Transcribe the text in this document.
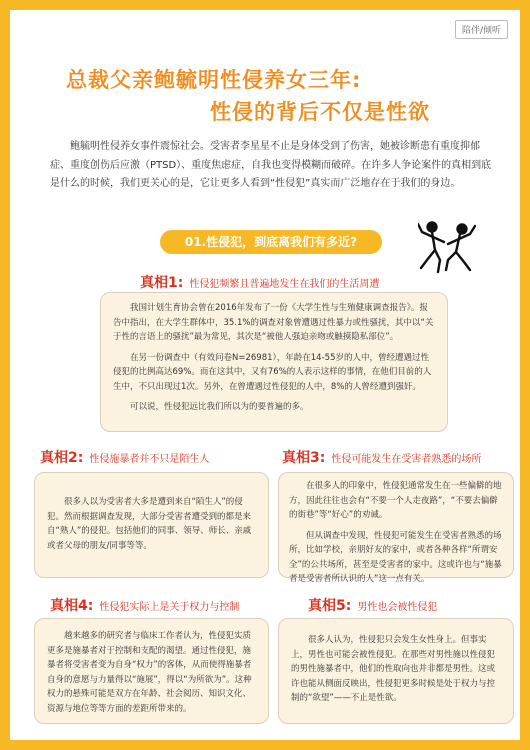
陪伴/倾听
总裁父亲鲍毓明性侵养女三年:
性侵的背后不仅是性欲

鲍毓明性侵养女事件震惊社会。受害者李星星不止是身体受到了伤害，她被诊断患有重度抑郁症、重度创伤后应激（PTSD）、重度焦虑症，自我也变得模糊而破碎。在许多人争论案件的真相到底是什么的时候，我们更关心的是，它让更多人看到“性侵犯”真实而广泛地存在于我们的身边。

01.性侵犯，到底离我们有多近?
真相1: 性侵犯频繁且普遍地发生在我们的生活周遭

我国计划生育协会曾在2016年发布了一份《大学生性与生殖健康调查报告》。报告中指出，在大学生群体中，35.1%的调查对象曾遭遇过性暴力或性骚扰，其中以“关于性的言语上的骚扰”最为常见，其次是“被他人强迫亲吻或触摸隐私部位”。

在另一份调查中（有效问卷N=26981），年龄在14-55岁的人中，曾经遭遇过性侵犯的比例高达69%。而在这其中，又有76%的人表示这样的事情，在他们目前的人生中，不只出现过1次。另外，在曾遭遇过性侵犯的人中，8%的人曾经遭到强奸。

可以说，性侵犯远比我们所以为的要普遍的多。

真相2: 性侵施暴者并不只是陌生人

很多人以为受害者大多是遭到来自“陌生人”的侵犯。然而根据调查发现，大部分受害者遭受到的都是来自“熟人”的侵犯。包括他们的同事、领导、师长、亲戚或者父母的朋友/同事等等。

真相3: 性侵可能发生在受害者熟悉的场所

在很多人的印象中，性侵犯通常发生在一些偏僻的地方，因此往往也会有“不要一个人走夜路”，“不要去偏僻的街巷”等“好心”的劝诫。

但从调查中发现，性侵犯可能发生在受害者熟悉的场所，比如学校，亲朋好友的家中，或者各种各样“所谓安全”的公共场所，甚至是受害者的家中。这或许也与“施暴者是受害者所认识的人”这一点有关。

真相4: 性侵犯实际上是关于权力与控制

越来越多的研究者与临床工作者认为，性侵犯实质更多是施暴者对于控制和支配的渴望。通过性侵犯，施暴者将受害者变为自身“权力”的客体，从而使得施暴者自身的意愿与力量得以“施展”，得以“为所欲为”。这种权力的悬殊可能是双方在年龄、社会阅历、知识文化、资源与地位等等方面的差距所带来的。

真相5: 男性也会被性侵犯

很多人认为，性侵犯只会发生女性身上。但事实上，男性也可能会被性侵犯。在那些对男性施以性侵犯的男性施暴者中，他们的性取向也并非都是男性。这或许也能从侧面反映出，性侵犯更多时候是处于权力与控制的“欲望”——不止是性欲。
